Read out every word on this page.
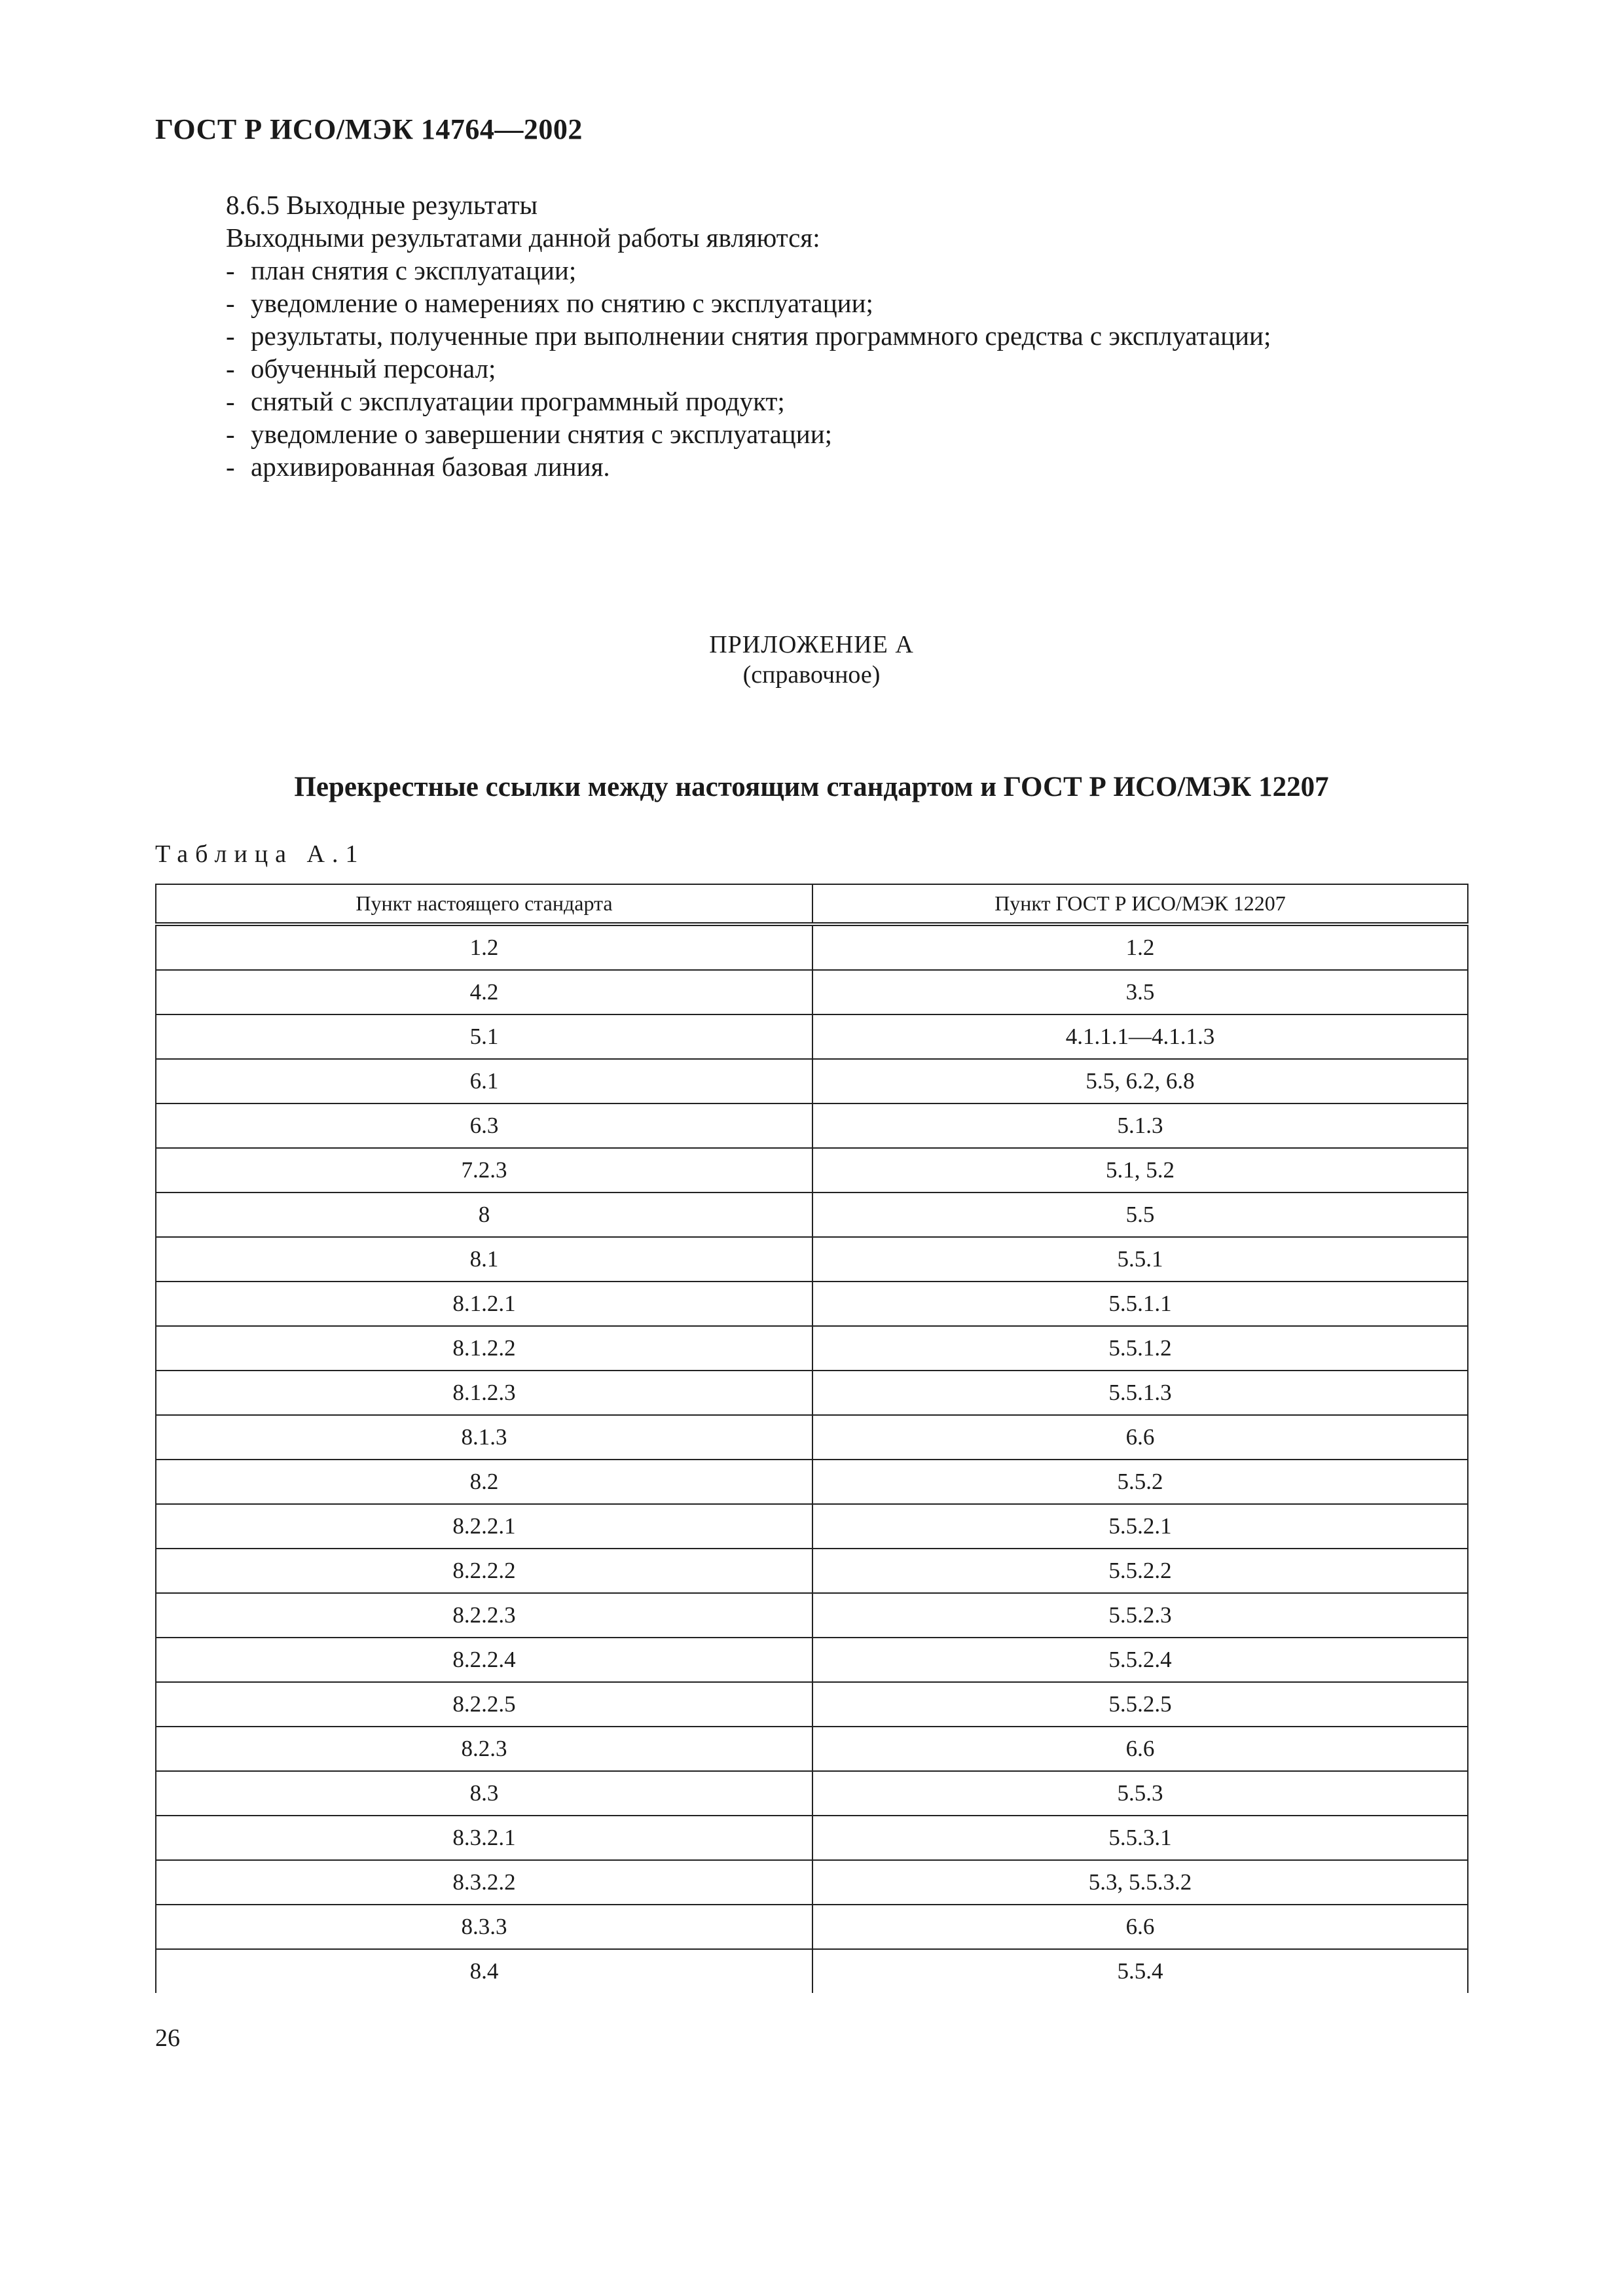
ГОСТ Р ИСО/МЭК 14764—2002
8.6.5 Выходные результаты
Выходными результатами данной работы являются:
- план снятия с эксплуатации;
- уведомление о намерениях по снятию с эксплуатации;
- результаты, полученные при выполнении снятия программного средства с эксплуатации;
- обученный персонал;
- снятый с эксплуатации программный продукт;
- уведомление о завершении снятия с эксплуатации;
- архивированная базовая линия.
ПРИЛОЖЕНИЕ А
(справочное)
Перекрестные ссылки между настоящим стандартом и ГОСТ Р ИСО/МЭК 12207
Таблица А.1
Пункт настоящего стандарта	Пункт ГОСТ Р ИСО/МЭК 12207
1.2	1.2
4.2	3.5
5.1	4.1.1.1—4.1.1.3
6.1	5.5, 6.2, 6.8
6.3	5.1.3
7.2.3	5.1, 5.2
8	5.5
8.1	5.5.1
8.1.2.1	5.5.1.1
8.1.2.2	5.5.1.2
8.1.2.3	5.5.1.3
8.1.3	6.6
8.2	5.5.2
8.2.2.1	5.5.2.1
8.2.2.2	5.5.2.2
8.2.2.3	5.5.2.3
8.2.2.4	5.5.2.4
8.2.2.5	5.5.2.5
8.2.3	6.6
8.3	5.5.3
8.3.2.1	5.5.3.1
8.3.2.2	5.3, 5.5.3.2
8.3.3	6.6
8.4	5.5.4
26
